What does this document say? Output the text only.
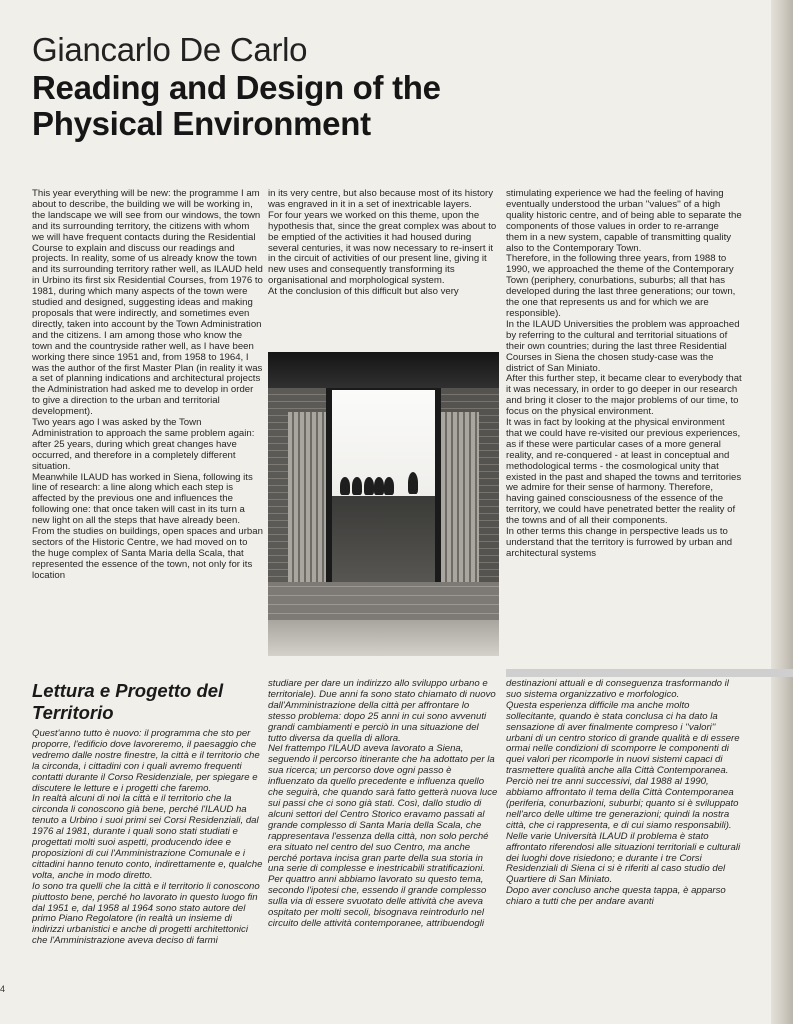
Giancarlo De Carlo
Reading and Design of the
Physical Environment

This year everything will be new: the programme I am about to describe, the building we will be working in, the landscape we will see from our windows, the town and its surrounding territory, the citizens with whom we will have frequent contacts during the Residential Course to explain and discuss our readings and projects. In reality, some of us already know the town and its surrounding territory rather well, as ILAUD held in Urbino its first six Residential Courses, from 1976 to 1981, during which many aspects of the town were studied and designed, suggesting ideas and making proposals that were indirectly, and sometimes even directly, taken into account by the Town Administration and the citizens. I am among those who know the town and the countryside rather well, as I have been working there since 1951 and, from 1958 to 1964, I was the author of the first Master Plan (in reality it was a set of planning indications and architectural projects the Administration had asked me to develop in order to give a direction to the urban and territorial development).

Two years ago I was asked by the Town Administration to approach the same problem again: after 25 years, during which great changes have occurred, and therefore in a completely different situation.

Meanwhile ILAUD has worked in Siena, following its line of research: a line along which each step is affected by the previous one and influences the following one: that once taken will cast in its turn a new light on all the steps that have already been.

From the studies on buildings, open spaces and urban sectors of the Historic Centre, we had moved on to the huge complex of Santa Maria della Scala, that represented the essence of the town, not only for its location

in its very centre, but also because most of its history was engraved in it in a set of inextricable layers.

For four years we worked on this theme, upon the hypothesis that, since the great complex was about to be emptied of the activities it had housed during several centuries, it was now necessary to re-insert it in the circuit of activities of our present line, giving it new uses and consequently transforming its organisational and morphological system.

At the conclusion of this difficult but also very

stimulating experience we had the feeling of having eventually understood the urban ''values'' of a high quality historic centre, and of being able to separate the components of those values in order to re-arrange them in a new system, capable of transmitting quality also to the Contemporary Town.

Therefore, in the following three years, from 1988 to 1990, we approached the theme of the Contemporary Town (periphery, conurbations, suburbs; all that has developed during the last three generations; our town, the one that represents us and for which we are responsible).

In the ILAUD Universities the problem was approached by referring to the cultural and territorial situations of their own countries; during the last three Residential Courses in Siena the chosen study-case was the district of San Miniato.

After this further step, it became clear to everybody that it was necessary, in order to go deeper in our research and bring it closer to the major problems of our time, to focus on the physical environment.

It was in fact by looking at the physical environment that we could have re-visited our previous experiences, as if these were particular cases of a more general reality, and re-conquered - at least in conceptual and methodological terms - the cosmological unity that existed in the past and shaped the towns and territories we admire for their sense of harmony. Therefore, having gained consciousness of the essence of the territory, we could have penetrated better the reality of the towns and of all their components.

In other terms this change in perspective leads us to understand that the territory is furrowed by urban and architectural systems

Lettura e Progetto del
Territorio

Quest'anno tutto è nuovo: il programma che sto per proporre, l'edificio dove lavoreremo, il paesaggio che vedremo dalle nostre finestre, la città e il territorio che la circonda, i cittadini con i quali avremo frequenti contatti durante il Corso Residenziale, per spiegare e discutere le letture e i progetti che faremo.

In realtà alcuni di noi la città e il territorio che la circonda li conoscono già bene, perché l'ILAUD ha tenuto a Urbino i suoi primi sei Corsi Residenziali, dal 1976 al 1981, durante i quali sono stati studiati e progettati molti suoi aspetti, producendo idee e proposizioni di cui l'Amministrazione Comunale e i cittadini hanno tenuto conto, indirettamente e, qualche volta, anche in modo diretto.

Io sono tra quelli che la città e il territorio li conoscono piuttosto bene, perché ho lavorato in questo luogo fin dal 1951 e, dal 1958 al 1964 sono stato autore del primo Piano Regolatore (in realtà un insieme di indirizzi urbanistici e anche di progetti architettonici che l'Amministrazione aveva deciso di farmi

studiare per dare un indirizzo allo sviluppo urbano e territoriale). Due anni fa sono stato chiamato di nuovo dall'Amministrazione della città per affrontare lo stesso problema: dopo 25 anni in cui sono avvenuti grandi cambiamenti e perciò in una situazione del tutto diversa da quella di allora.

Nel frattempo l'ILAUD aveva lavorato a Siena, seguendo il percorso itinerante che ha adottato per la sua ricerca; un percorso dove ogni passo è influenzato da quello precedente e influenza quello che seguirà, che quando sarà fatto getterà nuova luce sui passi che ci sono già stati. Così, dallo studio di alcuni settori del Centro Storico eravamo passati al grande complesso di Santa Maria della Scala, che rappresentava l'essenza della città, non solo perché era situato nel centro del suo Centro, ma anche perché portava incisa gran parte della sua storia in una serie di complesse e inestricabili stratificazioni.

Per quattro anni abbiamo lavorato su questo tema, secondo l'ipotesi che, essendo il grande complesso sulla via di essere svuotato delle attività che aveva ospitato per molti secoli, bisognava reintrodurlo nel circuito delle attività contemporanee, attribuendogli

destinazioni attuali e di conseguenza trasformando il suo sistema organizzativo e morfologico.

Questa esperienza difficile ma anche molto sollecitante, quando è stata conclusa ci ha dato la sensazione di aver finalmente compreso i ''valori'' urbani di un centro storico di grande qualità e di essere ormai nelle condizioni di scomporre le componenti di quei valori per ricomporle in nuovi sistemi capaci di trasmettere qualità anche alla Città Contemporanea.

Perciò nei tre anni successivi, dal 1988 al 1990, abbiamo affrontato il tema della Città Contemporanea (periferia, conurbazioni, suburbi; quanto si è sviluppato nell'arco delle ultime tre generazioni; quindi la nostra città, che ci rappresenta, e di cui siamo responsabili).

Nelle varie Università ILAUD il problema è stato affrontato riferendosi alle situazioni territoriali e culturali dei luoghi dove risiedono; e durante i tre Corsi Residenziali di Siena ci si è riferiti al caso studio del Quartiere di San Miniato.

Dopo aver concluso anche questa tappa, è apparso chiaro a tutti che per andare avanti

4
